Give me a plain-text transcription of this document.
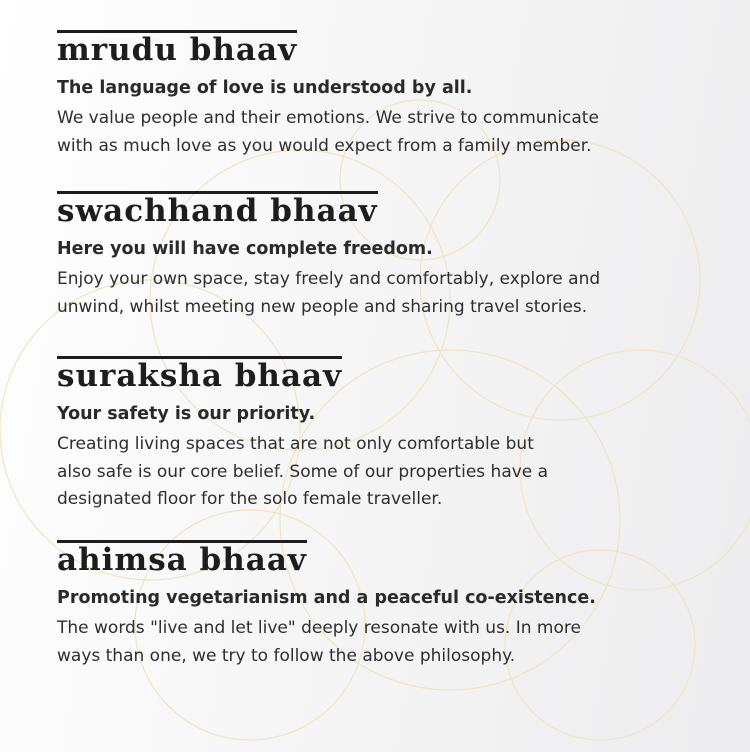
mrudu bhaav
The language of love is understood by all.

We value people and their emotions. We strive to communicate
with as much love as you would expect from a family member.

swachhand bhaav
Here you will have complete freedom.

Enjoy your own space, stay freely and comfortably, explore and
unwind, whilst meeting new people and sharing travel stories.

suraksha bhaav
Your safety is our priority.

Creating living spaces that are not only comfortable but
also safe is our core belief. Some of our properties have a
designated floor for the solo female traveller.

ahimsa bhaav
Promoting vegetarianism and a peaceful co-existence.

The words "live and let live" deeply resonate with us. In more
ways than one, we try to follow the above philosophy.
